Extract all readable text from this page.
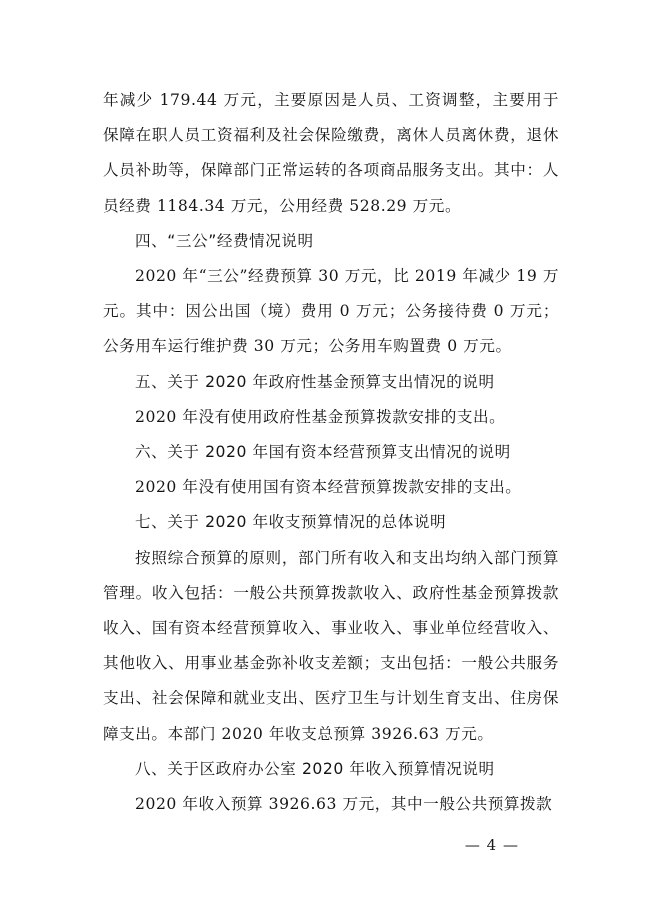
年减少 179.44 万元，主要原因是人员、工资调整，主要用于保障在职人员工资福利及社会保险缴费，离休人员离休费，退休人员补助等，保障部门正常运转的各项商品服务支出。其中：人员经费 1184.34 万元，公用经费 528.29 万元。

四、“三公”经费情况说明

2020 年“三公”经费预算 30 万元，比 2019 年减少 19 万元。其中：因公出国（境）费用 0 万元；公务接待费 0 万元；公务用车运行维护费 30 万元；公务用车购置费 0 万元。

五、关于 2020 年政府性基金预算支出情况的说明

2020 年没有使用政府性基金预算拨款安排的支出。

六、关于 2020 年国有资本经营预算支出情况的说明

2020 年没有使用国有资本经营预算拨款安排的支出。

七、关于 2020 年收支预算情况的总体说明

按照综合预算的原则，部门所有收入和支出均纳入部门预算管理。收入包括：一般公共预算拨款收入、政府性基金预算拨款收入、国有资本经营预算收入、事业收入、事业单位经营收入、其他收入、用事业基金弥补收支差额；支出包括：一般公共服务支出、社会保障和就业支出、医疗卫生与计划生育支出、住房保障支出。本部门 2020 年收支总预算 3926.63 万元。

八、关于区政府办公室 2020 年收入预算情况说明

2020 年收入预算 3926.63 万元，其中一般公共预算拨款

— 4 —
